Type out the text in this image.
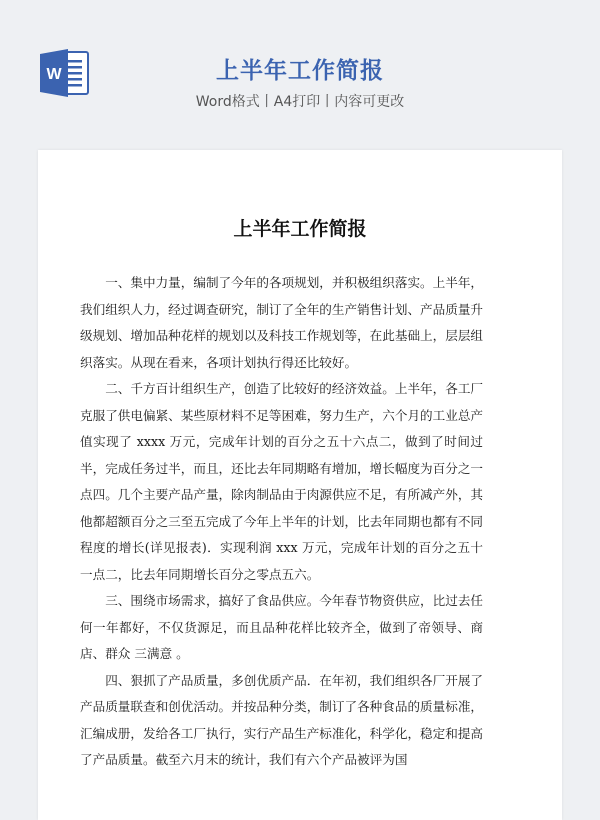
W	上半年工作简报
Word格式丨A4打印丨内容可更改
上半年工作简报

一、集中力量，编制了今年的各项规划，并积极组织落实。上半年，我们组织人力，经过调查研究，制订了全年的生产销售计划、产品质量升级规划、增加品种花样的规划以及科技工作规划等，在此基础上，层层组织落实。从现在看来，各项计划执行得还比较好。

二、千方百计组织生产，创造了比较好的经济效益。上半年，各工厂克服了供电偏紧、某些原材料不足等困难，努力生产，六个月的工业总产值实现了 xxxx 万元，完成年计划的百分之五十六点二，做到了时间过半，完成任务过半，而且，还比去年同期略有增加，增长幅度为百分之一点四。几个主要产品产量，除肉制品由于肉源供应不足，有所减产外，其他都超额百分之三至五完成了今年上半年的计划，比去年同期也都有不同程度的增长(详见报表)．实现利润 xxx 万元，完成年计划的百分之五十一点二，比去年同期增长百分之零点五六。

三、围绕市场需求，搞好了食品供应。今年春节物资供应，比过去任何一年都好，不仅货源足，而且品种花样比较齐全，做到了帝领导、商店、群众 三满意 。

四、狠抓了产品质量，多创优质产品．在年初，我们组织各厂开展了产品质量联查和创优活动。并按品种分类，制订了各种食品的质量标准，汇编成册，发给各工厂执行，实行产品生产标准化，科学化，稳定和提高了产品质量。截至六月末的统计，我们有六个产品被评为国
